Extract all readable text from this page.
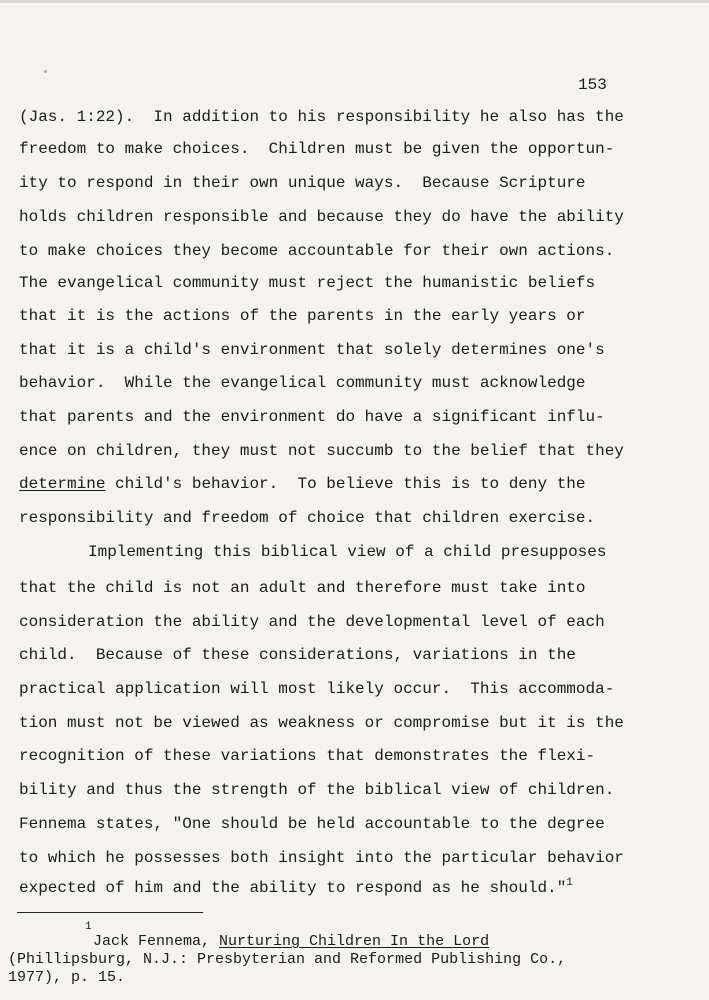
153
(Jas. 1:22).  In addition to his responsibility he also has the
freedom to make choices.  Children must be given the opportun-
ity to respond in their own unique ways.  Because Scripture
holds children responsible and because they do have the ability
to make choices they become accountable for their own actions.
The evangelical community must reject the humanistic beliefs
that it is the actions of the parents in the early years or
that it is a child's environment that solely determines one's
behavior.  While the evangelical community must acknowledge
that parents and the environment do have a significant influ-
ence on children, they must not succumb to the belief that they
determine child's behavior.  To believe this is to deny the
responsibility and freedom of choice that children exercise.
Implementing this biblical view of a child presupposes
that the child is not an adult and therefore must take into
consideration the ability and the developmental level of each
child.  Because of these considerations, variations in the
practical application will most likely occur.  This accommoda-
tion must not be viewed as weakness or compromise but it is the
recognition of these variations that demonstrates the flexi-
bility and thus the strength of the biblical view of children.
Fennema states, "One should be held accountable to the degree
to which he possesses both insight into the particular behavior
expected of him and the ability to respond as he should."$^1$
$^1$
Jack Fennema, Nurturing Children In the Lord
(Phillipsburg, N.J.: Presbyterian and Reformed Publishing Co.,
1977), p. 15.
